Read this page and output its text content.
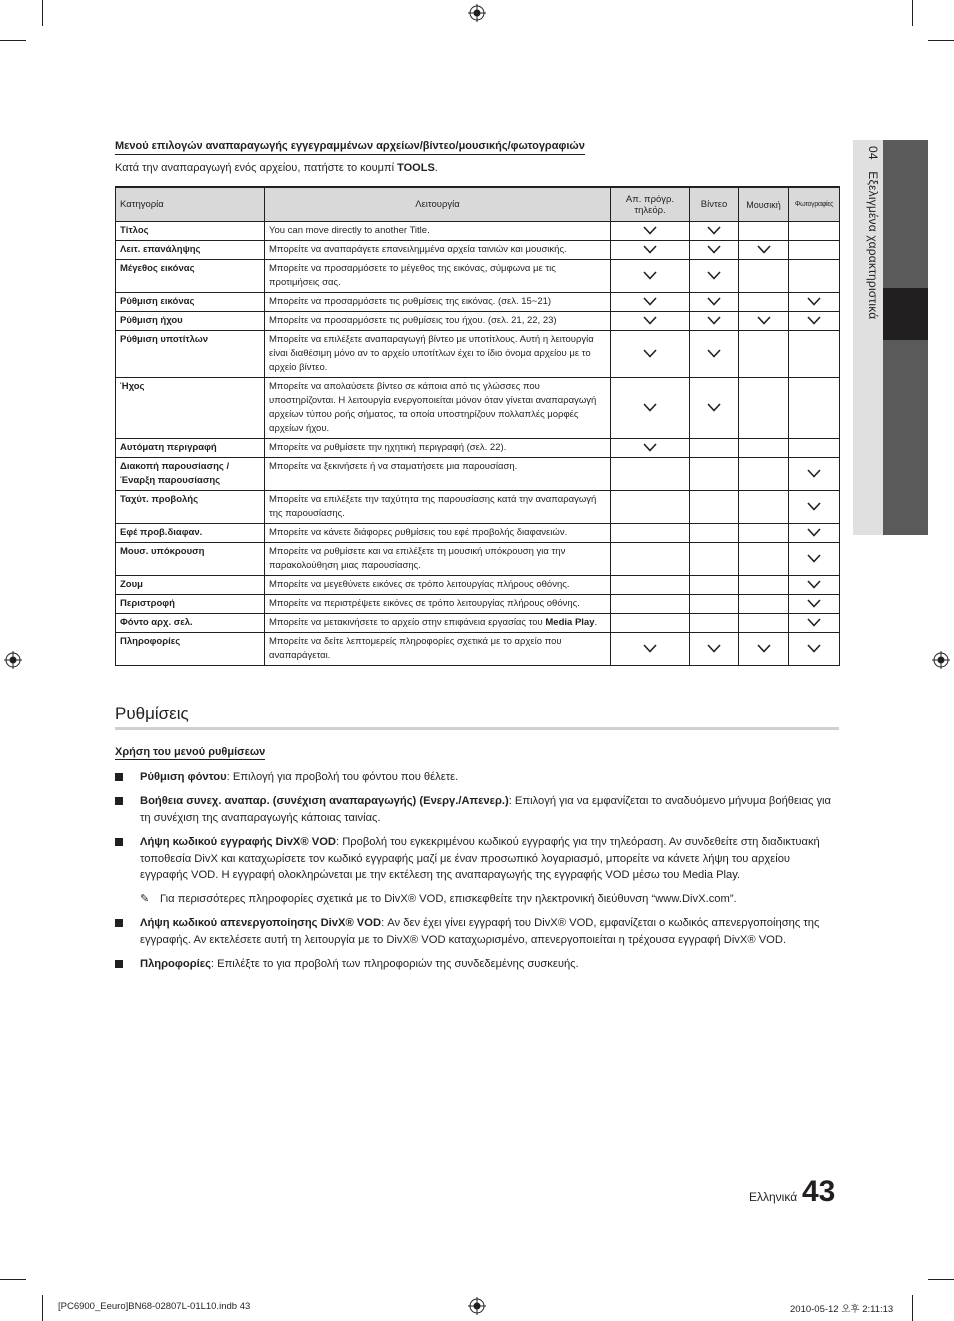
04 Εξελιγμένα χαρακτηριστικά
Μενού επιλογών αναπαραγωγής εγγεγραμμένων αρχείων/βίντεο/μουσικής/φωτογραφιών
Κατά την αναπαραγωγή ενός αρχείου, πατήστε το κουμπί TOOLS.
Κατηγορία	Λειτουργία	Απ. πρόγρ. τηλεόρ.	Βίντεο	Μουσική	Φωτογραφίες
Τίτλος	You can move directly to another Title.				
Λειτ. επανάληψης	Μπορείτε να αναπαράγετε επανειλημμένα αρχεία ταινιών και μουσικής.				
Μέγεθος εικόνας	Μπορείτε να προσαρμόσετε το μέγεθος της εικόνας, σύμφωνα με τις προτιμήσεις σας.				
Ρύθμιση εικόνας	Μπορείτε να προσαρμόσετε τις ρυθμίσεις της εικόνας. (σελ. 15~21)				
Ρύθμιση ήχου	Μπορείτε να προσαρμόσετε τις ρυθμίσεις του ήχου. (σελ. 21, 22, 23)				
Ρύθμιση υποτίτλων	Μπορείτε να επιλέξετε αναπαραγωγή βίντεο με υποτίτλους. Αυτή η λειτουργία είναι διαθέσιμη μόνο αν το αρχείο υποτίτλων έχει το ίδιο όνομα αρχείου με το αρχείο βίντεο.				
Ήχος	Μπορείτε να απολαύσετε βίντεο σε κάποια από τις γλώσσες που υποστηρίζονται. Η λειτουργία ενεργοποιείται μόνον όταν γίνεται αναπαραγωγή αρχείων τύπου ροής σήματος, τα οποία υποστηρίζουν πολλαπλές μορφές αρχείων ήχου.				
Αυτόματη περιγραφή	Μπορείτε να ρυθμίσετε την ηχητική περιγραφή (σελ. 22).				
Διακοπή παρουσίασης / Έναρξη παρουσίασης	Μπορείτε να ξεκινήσετε ή να σταματήσετε μια παρουσίαση.				
Ταχύτ. προβολής	Μπορείτε να επιλέξετε την ταχύτητα της παρουσίασης κατά την αναπαραγωγή της παρουσίασης.				
Εφέ προβ.διαφαν.	Μπορείτε να κάνετε διάφορες ρυθμίσεις του εφέ προβολής διαφανειών.				
Μουσ. υπόκρουση	Μπορείτε να ρυθμίσετε και να επιλέξετε τη μουσική υπόκρουση για την παρακολούθηση μιας παρουσίασης.				
Ζουμ	Μπορείτε να μεγεθύνετε εικόνες σε τρόπο λειτουργίας πλήρους οθόνης.				
Περιστροφή	Μπορείτε να περιστρέψετε εικόνες σε τρόπο λειτουργίας πλήρους οθόνης.				
Φόντο αρχ. σελ.	Μπορείτε να μετακινήσετε το αρχείο στην επιφάνεια εργασίας του Media Play.				
Πληροφορίες	Μπορείτε να δείτε λεπτομερείς πληροφορίες σχετικά με το αρχείο που αναπαράγεται.				
Ρυθμίσεις
Χρήση του μενού ρυθμίσεων
Ρύθμιση φόντου: Επιλογή για προβολή του φόντου που θέλετε.
Βοήθεια συνεχ. αναπαρ. (συνέχιση αναπαραγωγής) (Ενεργ./Απενερ.): Επιλογή για να εμφανίζεται το αναδυόμενο μήνυμα βοήθειας για τη συνέχιση της αναπαραγωγής κάποιας ταινίας.
Λήψη κωδικού εγγραφής DivX® VOD: Προβολή του εγκεκριμένου κωδικού εγγραφής για την τηλεόραση. Αν συνδεθείτε στη διαδικτυακή τοποθεσία DivX και καταχωρίσετε τον κωδικό εγγραφής μαζί με έναν προσωπικό λογαριασμό, μπορείτε να κάνετε λήψη του αρχείου εγγραφής VOD. Η εγγραφή ολοκληρώνεται με την εκτέλεση της αναπαραγωγής της εγγραφής VOD μέσω του Media Play.
✎ Για περισσότερες πληροφορίες σχετικά με το DivX® VOD, επισκεφθείτε την ηλεκτρονική διεύθυνση “www.DivX.com”.
Λήψη κωδικού απενεργοποίησης DivX® VOD: Αν δεν έχει γίνει εγγραφή του DivX® VOD, εμφανίζεται ο κωδικός απενεργοποίησης της εγγραφής. Αν εκτελέσετε αυτή τη λειτουργία με το DivX® VOD καταχωρισμένο, απενεργοποιείται η τρέχουσα εγγραφή DivX® VOD.
Πληροφορίες: Επιλέξτε το για προβολή των πληροφοριών της συνδεδεμένης συσκευής.
Ελληνικά 43
[PC6900_Eeuro]BN68-02807L-01L10.indb 43	2010-05-12 오후 2:11:13
